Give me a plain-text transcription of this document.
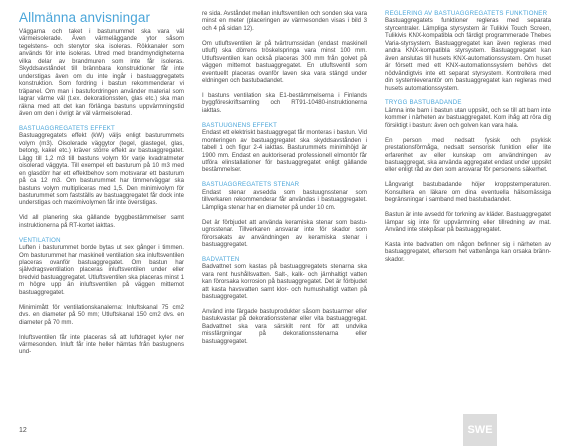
Allmänna anvisningar

Väggarna och taket i bastunummet ska vara väl värmeisolerade. Även värmeläggande ytor såsom tegelstens- och stenytor ska isoleras. Rökkanaler som används för inte isoleras. Utred med brandmyndigheterna vilka delar av brandmuren som inte får isoleras. Skyddsavståndet till brännbara konstruktioner får inte understigas även om du inte ingår i bastuaggregatets konstruktion. Som fordring i bastun rekommenderar vi träpanel. Om man i bastufordringen använder material som lagrar värme väl (t.ex. dekorationssten, glas etc.) ska man räkna med att det kan förlänga bastuns uppvärmningstid även om den i övrigt är väl värmeisolerad.

BASTUAGGREGATETS EFFEKT

Bastuaggregatets effekt (kW) väljs enligt basturummets volym (m3). Oisolerade väggytor (tegel, glastegel, glas, betong, kakel etc.) kräver större effekt av bastuaggregatet. Lägg till 1,2 m3 till bastuns volym för varje kvadratmeter oisolerad väggyta. Till exempel ett basturum på 10 m3 med en glasdörr har ett effektbehov som motsvarar ett basturum på ca 12 m3. Om basturummet har timmerväggar ska bastuns volym multipliceras med 1,5. Den minimivolym för basturummet som fastställs av bastuaggregatet får dock inte understigas och maximivolymen får inte överstigas.

Vid all planering ska gällande byggbestämmelser samt instruktionerna på RT-kortet iakttas.

VENTILATION

Luften i basturummet borde bytas ut sex gånger i timmen. Om basturummet har maskinell ventilation ska inluftsventilen placeras ovanför bastuaggregatet. Om bastun har självdragsventilation placeras inluftsventilen under eller bredvid bastuaggregatet. Utluftsventilen ska placeras minst 1 m högre upp än inluftsventilen på väggen mittemot bastuaggregatet.

Minimimått för ventilationskanalerna: Inluftskanal 75 cm2 dvs. en diameter på 50 mm; Utluftskanal 150 cm2 dvs. en diameter på 70 mm.

Inluftsventilen får inte placeras så att luftdraget kyler ner värmesonden. Inluft får inte heller hämtas från bastugnens und-

re sida. Avståndet mellan inluftsventilen och sonden ska vara minst en meter (placeringen av värmesonden visas i bild 3 och 4 på sidan 12).

Om utluftsventilen är på tvärtrumssidan (endast maskinell utluft) ska dörrens tröskelspringa vara minst 100 mm. Utluftsventilen kan också placeras 300 mm från golvet på väggen mittemot bastuaggregatet. En utluftsventil som eventuellt placeras ovanför laven ska vara stängd under eldningen och bastubadandet.

I bastuns ventilation ska E1-bestämmelserna i Finlands byggföreskriftsamling och RT91-10480-instruktionerna iakttas.

BASTUUGNENS EFFEKT

Endast ett elektriskt bastuaggregat får monteras i bastun. Vid monteringen av bastuaggregatet ska skyddsavstånden i tabell 1 och figur 2-4 iakttas. Basturummets minimihöjd är 1900 mm. Endast en auktoriserad professionell elmontör får utföra elinstallationer för bastuaggregatet enligt gällande bestämmelser.

BASTUAGGREGATETS STENAR

Endast stenar avsedda som bastuugnsstenar som tillverkaren rekommenderar får användas i bastuaggregatet. Lämpliga stenar har en diameter på under 10 cm.

Det är förbjudet att använda keramiska stenar som bastu-ugnsstenar. Tillverkaren ansvarar inte för skador som förorsakats av användningen av keramiska stenar i bastuaggregatet.

BADVATTEN

Badvattnet som kastas på bastuaggregatets stenarna ska vara rent hushållsvatten. Salt-, kalk- och järnhaltigt vatten kan förorsaka korrosion på bastuaggregatet. Det är förbjudet att kasta havsvatten samt klor- och humushaltigt vatten på bastuaggregatet.

Använd inte färgade bastuprodukter såsom bastuarmer eller bastukvastar på dekorationsstenar eller vita bastuaggregat. Badvattnet ska vara särskilt rent för att undvika missfärgningar på dekorationsstenarna eller bastuaggregatet.

REGLERING AV BASTUAGGREGATETS FUNKTIONER

Bastuaggregatets funktioner regleras med separata styrcentraler. Lämpliga styrsystem är Tulikivi Touch Screen, Tulikivis KNX-kompatibla och färdigt programmerade Thebes Varia-styrsystem. Bastuaggregatet kan även regleras med andra KNX-kompatibla styrsystem. Bastuaggregatet kan även anslutas till husets KNX-automationssystem. Om huset är försett med ett KNX-automationssystem behövs det nödvändigtvis inte ett separat styrsystem. Kontrollera med din systemleverantör om bastuaggregatet kan regleras med husets automationssystem.

TRYGG BASTUBADANDE

Lämna inte barn i bastun utan uppsikt, och se till att barn inte kommer i närheten av bastuaggregatet. Kom ihåg att röra dig försiktigt i bastun: även och golven kan vara hala.

En person med nedsatt fysisk och psykisk prestationsförmåga, nedsatt sensorisk funktion eller lite erfarenhet av eller kunskap om användningen av bastuaggregat, ska använda aggregatet endast under uppsikt eller enligt råd av den som ansvarar för personens säkerhet.

Långvarigt bastubadande höjer kroppstemperaturen. Konsultera en läkare om dina eventuella hälsomässiga begränsningar i samband med bastubadandet.

Bastun är inte avsedd för torkning av kläder. Bastuaggregatet lämpar sig inte för uppvärmning eller tillredning av mat. Använd inte stekpåsar på bastuaggregatet.

Kasta inte badvatten om någon befinner sig i närheten av bastuaggregatet, eftersom het vattenånga kan orsaka bränn- skador.

12	SWE
